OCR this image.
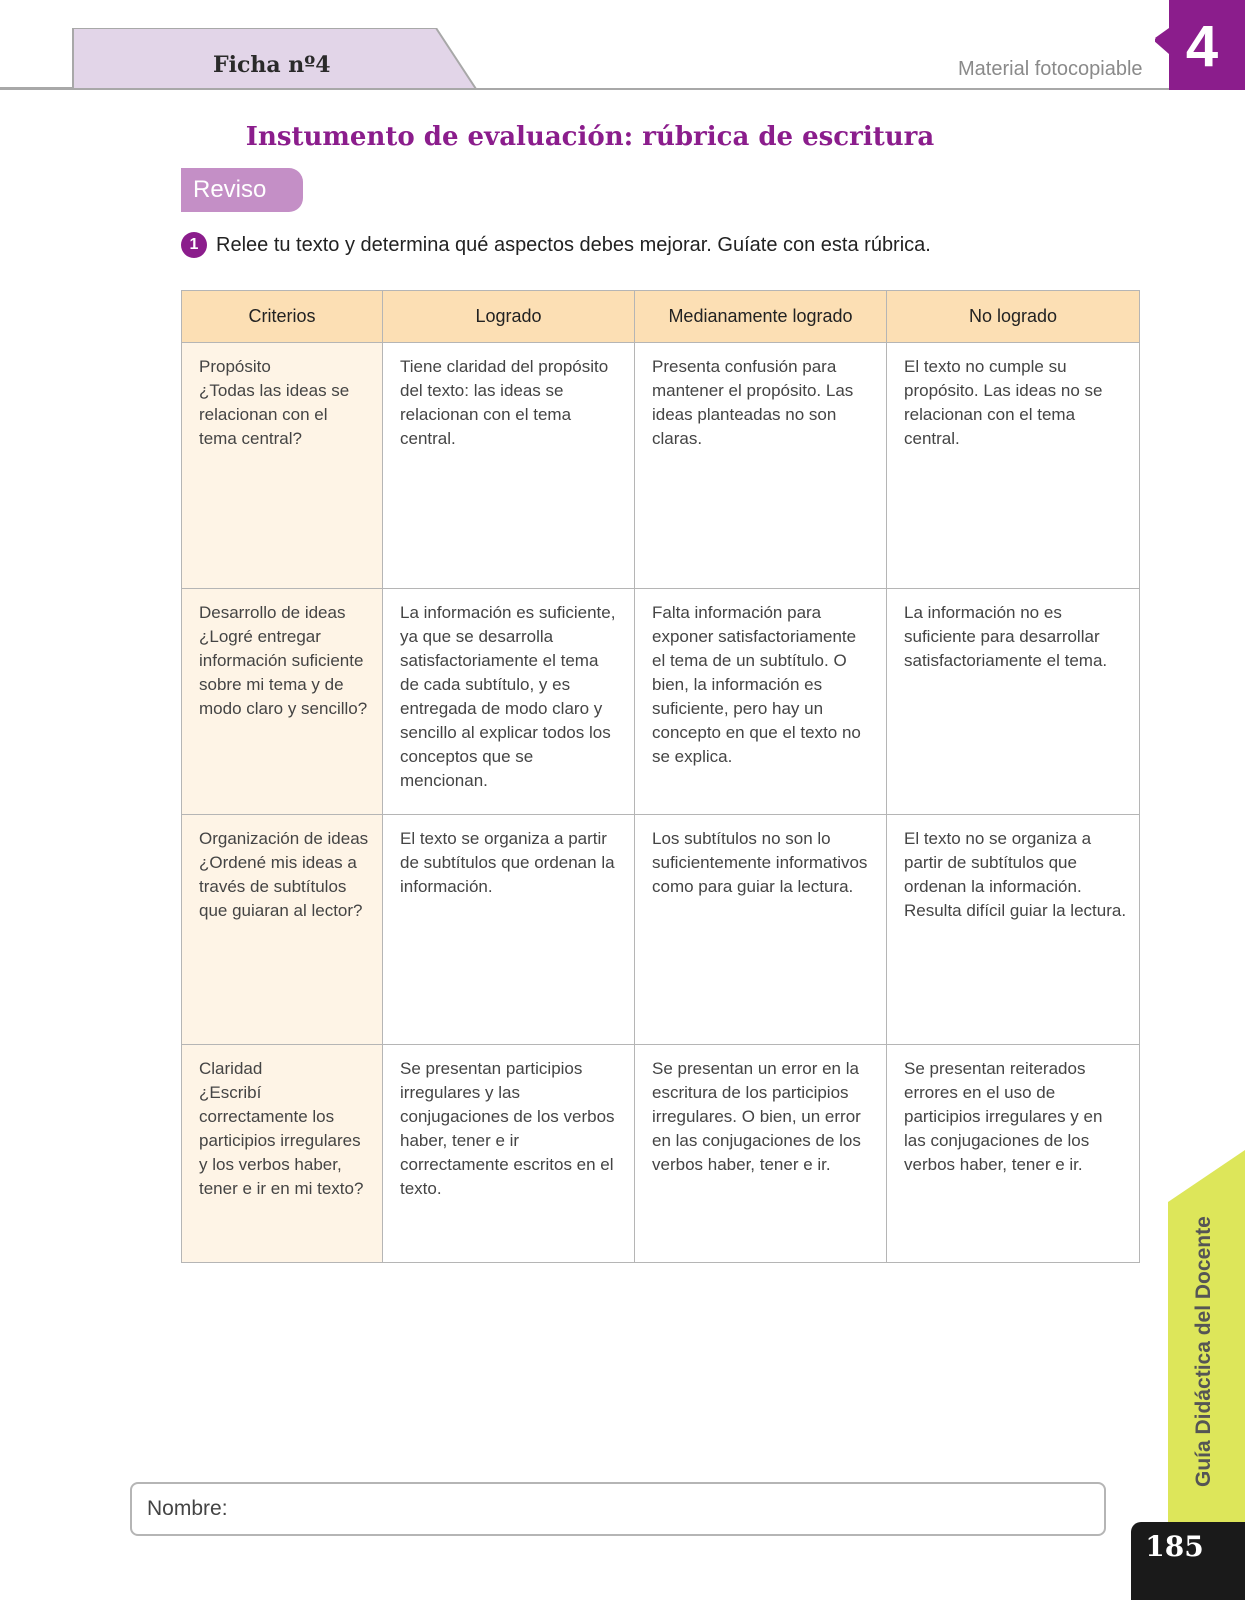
Ficha nº4	Material fotocopiable 4
Instumento de evaluación: rúbrica de escritura
Reviso
1 Relee tu texto y determina qué aspectos debes mejorar. Guíate con esta rúbrica.
Criterios	Logrado	Medianamente logrado	No logrado

Propósito
¿Todas las ideas se relacionan con el tema central?	Tiene claridad del propósito del texto: las ideas se relacionan con el tema central.	Presenta confusión para mantener el propósito. Las ideas planteadas no son claras.	El texto no cumple su propósito. Las ideas no se relacionan con el tema central.

Desarrollo de ideas
¿Logré entregar información suficiente sobre mi tema y de modo claro y sencillo?	La información es suficiente, ya que se desarrolla satisfactoriamente el tema de cada subtítulo, y es entregada de modo claro y sencillo al explicar todos los conceptos que se mencionan.	Falta información para exponer satisfactoriamente el tema de un subtítulo. O bien, la información es suficiente, pero hay un concepto en que el texto no se explica.	La información no es suficiente para desarrollar satisfactoriamente el tema.

Organización de ideas
¿Ordené mis ideas a través de subtítulos que guiaran al lector?	El texto se organiza a partir de subtítulos que ordenan la información.	Los subtítulos no son lo suficientemente informativos como para guiar la lectura.	El texto no se organiza a partir de subtítulos que ordenan la información. Resulta difícil guiar la lectura.

Claridad
¿Escribí correctamente los participios irregulares y los verbos haber, tener e ir en mi texto?	Se presentan participios irregulares y las conjugaciones de los verbos haber, tener e ir correctamente escritos en el texto.	Se presentan un error en la escritura de los participios irregulares. O bien, un error en las conjugaciones de los verbos haber, tener e ir.	Se presentan reiterados errores en el uso de participios irregulares y en las conjugaciones de los verbos haber, tener e ir.
Nombre:
Guía Didáctica del Docente
185
